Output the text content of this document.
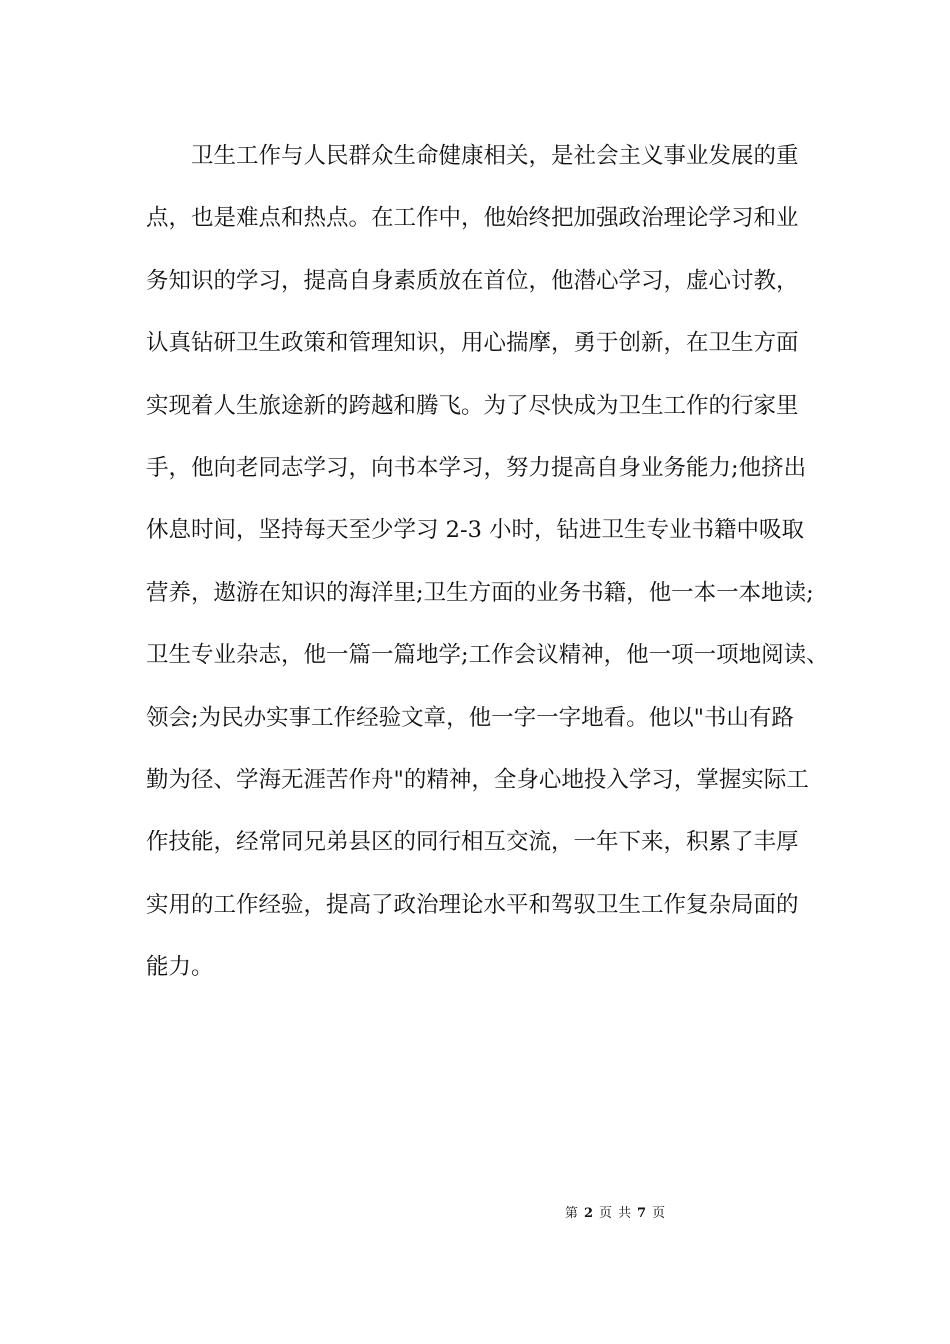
卫生工作与人民群众生命健康相关，是社会主义事业发展的重
点，也是难点和热点。在工作中，他始终把加强政治理论学习和业
务知识的学习，提高自身素质放在首位，他潜心学习，虚心讨教，
认真钻研卫生政策和管理知识，用心揣摩，勇于创新，在卫生方面
实现着人生旅途新的跨越和腾飞。为了尽快成为卫生工作的行家里
手，他向老同志学习，向书本学习，努力提高自身业务能力;他挤出
休息时间，坚持每天至少学习 2-3 小时，钻进卫生专业书籍中吸取
营养，遨游在知识的海洋里;卫生方面的业务书籍，他一本一本地读;
卫生专业杂志，他一篇一篇地学;工作会议精神，他一项一项地阅读、
领会;为民办实事工作经验文章，他一字一字地看。他以"书山有路
勤为径、学海无涯苦作舟"的精神，全身心地投入学习，掌握实际工
作技能，经常同兄弟县区的同行相互交流，一年下来，积累了丰厚
实用的工作经验，提高了政治理论水平和驾驭卫生工作复杂局面的
能力。
第 2 页 共 7 页
